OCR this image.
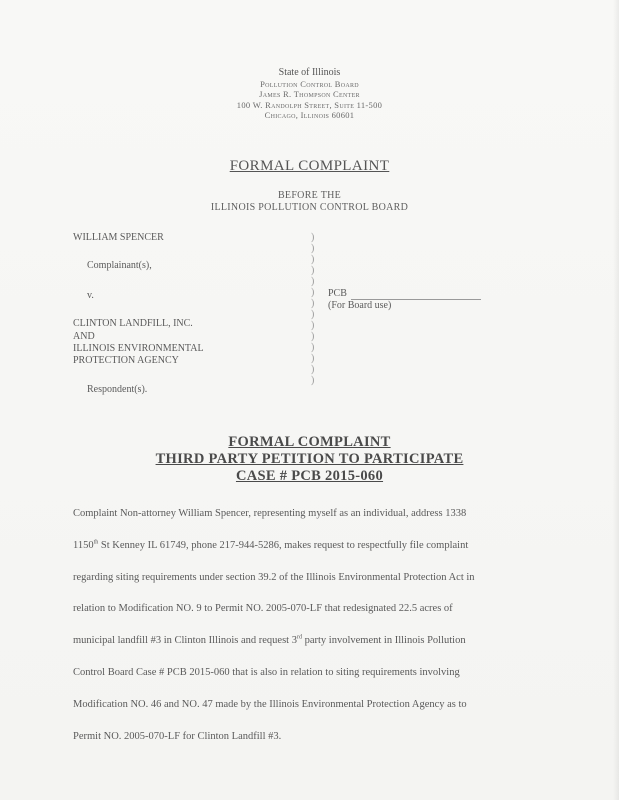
State of Illinois
Pollution Control Board
James R. Thompson Center
100 W. Randolph Street, Suite 11-500
Chicago, Illinois 60601
FORMAL COMPLAINT
BEFORE THE
ILLINOIS POLLUTION CONTROL BOARD
WILLIAM SPENCER
Complainant(s),
v.
CLINTON LANDFILL, INC.
AND
ILLINOIS ENVIRONMENTAL
PROTECTION AGENCY
Respondent(s).
)
)
)
)
)
)
)
)
)
)
)
)
)
)
PCB
(For Board use)
FORMAL COMPLAINT
THIRD PARTY PETITION TO PARTICIPATE
CASE # PCB 2015-060
Complaint Non-attorney William Spencer, representing myself as an individual, address 1338
1150th St Kenney IL 61749, phone 217-944-5286, makes request to respectfully file complaint
regarding siting requirements under section 39.2 of the Illinois Environmental Protection Act in
relation to Modification NO. 9 to Permit NO. 2005-070-LF that redesignated 22.5 acres of
municipal landfill #3 in Clinton Illinois and request 3rd party involvement in Illinois Pollution
Control Board Case # PCB 2015-060 that is also in relation to siting requirements involving
Modification NO. 46 and NO. 47 made by the Illinois Environmental Protection Agency as to
Permit NO. 2005-070-LF for Clinton Landfill #3.
